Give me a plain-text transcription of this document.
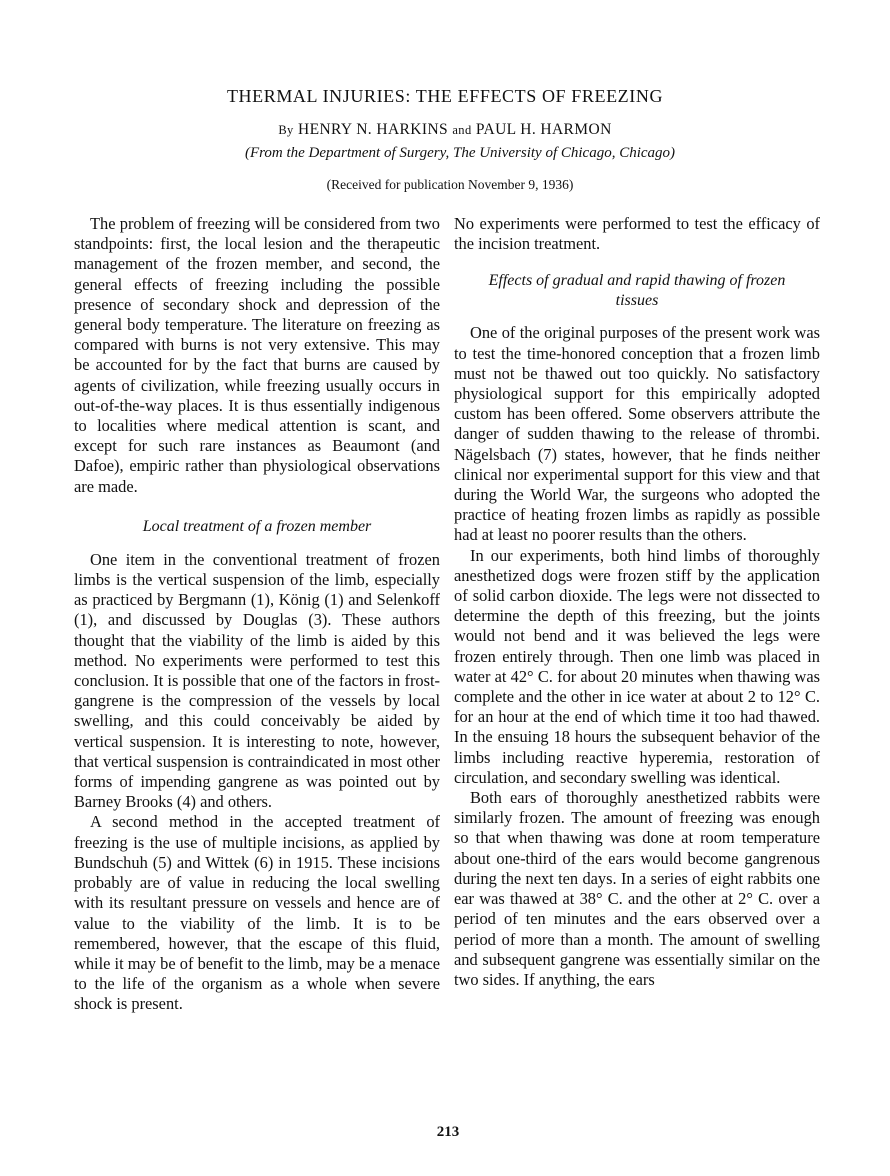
THERMAL INJURIES: THE EFFECTS OF FREEZING
By HENRY N. HARKINS and PAUL H. HARMON
(From the Department of Surgery, The University of Chicago, Chicago)
(Received for publication November 9, 1936)

The problem of freezing will be considered from two standpoints: first, the local lesion and the therapeutic management of the frozen member, and second, the general effects of freezing including the possible presence of secondary shock and depression of the general body temperature. The literature on freezing as compared with burns is not very extensive. This may be accounted for by the fact that burns are caused by agents of civilization, while freezing usually occurs in out-of-the-way places. It is thus essentially indigenous to localities where medical attention is scant, and except for such rare instances as Beaumont (and Dafoe), empiric rather than physiological observations are made.

Local treatment of a frozen member

One item in the conventional treatment of frozen limbs is the vertical suspension of the limb, especially as practiced by Bergmann (1), König (1) and Selenkoff (1), and discussed by Douglas (3). These authors thought that the viability of the limb is aided by this method. No experiments were performed to test this conclusion. It is possible that one of the factors in frost-gangrene is the compression of the vessels by local swelling, and this could conceivably be aided by vertical suspension. It is interesting to note, however, that vertical suspension is contraindicated in most other forms of impending gangrene as was pointed out by Barney Brooks (4) and others.

A second method in the accepted treatment of freezing is the use of multiple incisions, as applied by Bundschuh (5) and Wittek (6) in 1915. These incisions probably are of value in reducing the local swelling with its resultant pressure on vessels and hence are of value to the viability of the limb. It is to be remembered, however, that the escape of this fluid, while it may be of benefit to the limb, may be a menace to the life of the organism as a whole when severe shock is present.

No experiments were performed to test the efficacy of the incision treatment.

Effects of gradual and rapid thawing of frozen
tissues

One of the original purposes of the present work was to test the time-honored conception that a frozen limb must not be thawed out too quickly. No satisfactory physiological support for this empirically adopted custom has been offered. Some observers attribute the danger of sudden thawing to the release of thrombi. Nägelsbach (7) states, however, that he finds neither clinical nor experimental support for this view and that during the World War, the surgeons who adopted the practice of heating frozen limbs as rapidly as possible had at least no poorer results than the others.

In our experiments, both hind limbs of thoroughly anesthetized dogs were frozen stiff by the application of solid carbon dioxide. The legs were not dissected to determine the depth of this freezing, but the joints would not bend and it was believed the legs were frozen entirely through. Then one limb was placed in water at 42° C. for about 20 minutes when thawing was complete and the other in ice water at about 2 to 12° C. for an hour at the end of which time it too had thawed. In the ensuing 18 hours the subsequent behavior of the limbs including reactive hyperemia, restoration of circulation, and secondary swelling was identical.

Both ears of thoroughly anesthetized rabbits were similarly frozen. The amount of freezing was enough so that when thawing was done at room temperature about one-third of the ears would become gangrenous during the next ten days. In a series of eight rabbits one ear was thawed at 38° C. and the other at 2° C. over a period of ten minutes and the ears observed over a period of more than a month. The amount of swelling and subsequent gangrene was essentially similar on the two sides. If anything, the ears

213
